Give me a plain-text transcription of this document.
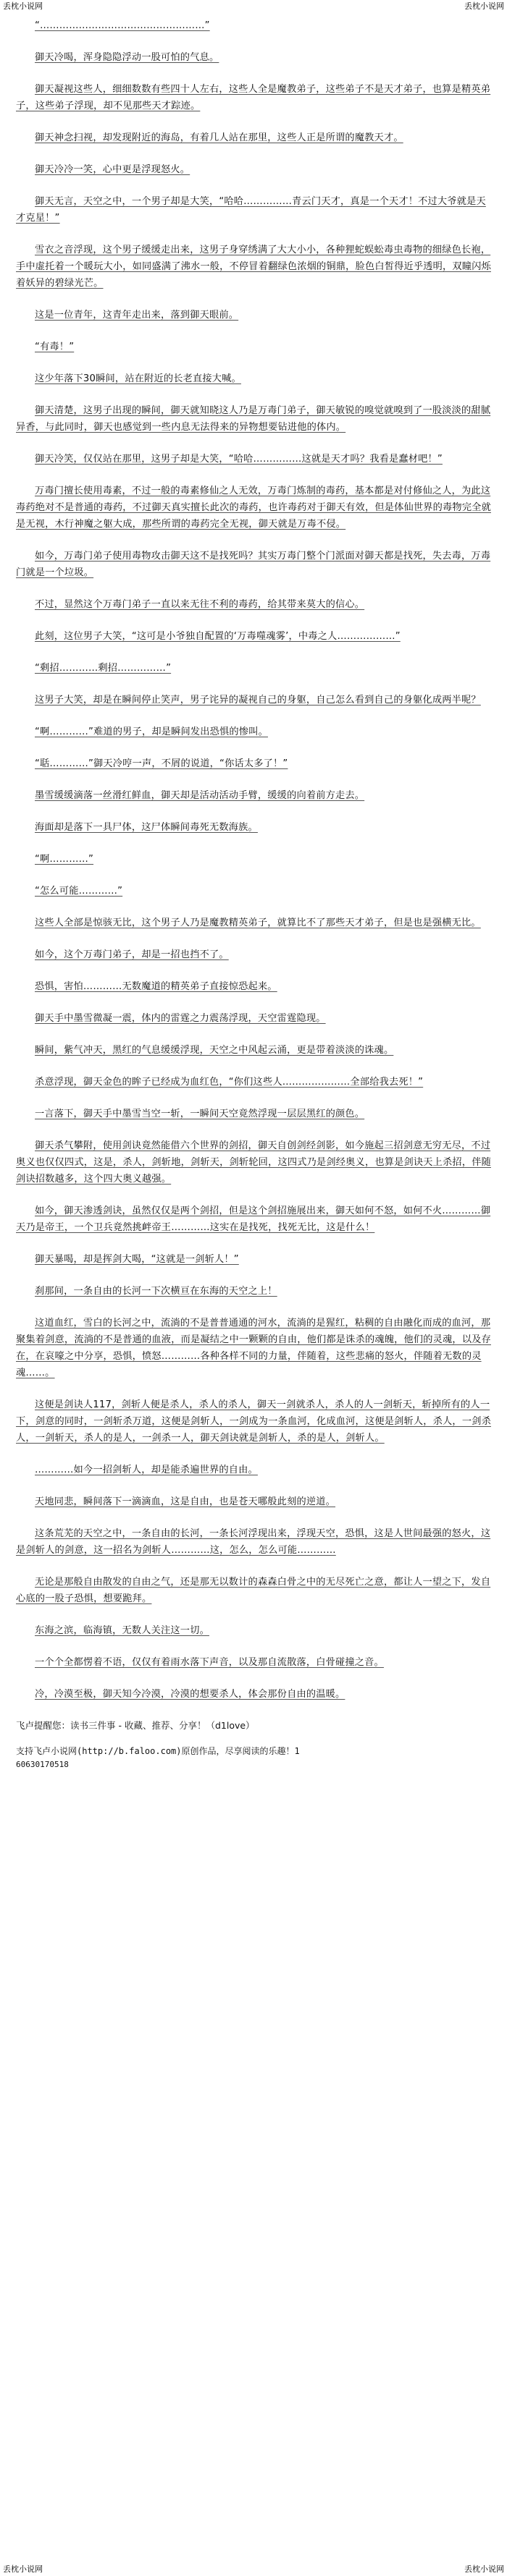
丢枕小说网	丢枕小说网

“……………………………………………”

御天冷喝，浑身隐隐浮动一股可怕的气息。

御天凝视这些人，细细数数有些四十人左右，这些人全是魔教弟子，这些弟子不是天才弟子，也算是精英弟子，这些弟子浮现，却不见那些天才踪迹。

御天神念扫视，却发现附近的海岛，有着几人站在那里，这些人正是所谓的魔教天才。

御天冷冷一笑，心中更是浮现怒火。

御天无言，天空之中，一个男子却是大笑，“哈哈……………青云门天才，真是一个天才！不过大爷就是天才克星！”

雪衣之音浮现，这个男子缓缓走出来，这男子身穿绣满了大大小小，各种狸蛇蜈蚣毒虫毒物的细绿色长袍，手中虚托着一个暖玩大小，如同盛满了沸水一般，不停冒着翻绿色浓烟的铜鼎，脸色白皙得近乎透明，双瞳闪烁着妖异的碧绿光芒。

这是一位青年，这青年走出来，落到御天眼前。

“有毒！”

这少年落下30瞬间，站在附近的长老直接大喊。

御天清楚，这男子出现的瞬间，御天就知晓这人乃是万毒门弟子，御天敏锐的嗅觉就嗅到了一股淡淡的甜腻异香，与此同时，御天也感觉到一些内息无法得来的异物想要钻进他的体内。

御天冷笑，仅仅站在那里，这男子却是大笑，“哈哈……………这就是天才吗？我看是蠢材吧！”

万毒门擅长使用毒素，不过一般的毒素修仙之人无效，万毒门炼制的毒药，基本都是对付修仙之人，为此这毒药绝对不是普通的毒药，不过御天真实擅长此次的毒药，也许毒药对于御天有效，但是体仙世界的毒物完全就是无视，木行神魔之躯大成，那些所谓的毒药完全无视，御天就是万毒不侵。

如今，万毒门弟子使用毒物攻击御天这不是找死吗？其实万毒门整个门派面对御天都是找死，失去毒，万毒门就是一个垃圾。

不过，显然这个万毒门弟子一直以来无往不利的毒药，给其带来莫大的信心。

此刻，这位男子大笑，“这可是小爷独自配置的‘万毒噬魂雾’，中毒之人………………”

“剩招…………剩招……………”

这男子大笑，却是在瞬间停止笑声，男子诧异的凝视自己的身躯，自己怎么看到自己的身躯化成两半呢？

“啊…………”难道的男子，却是瞬间发出恐惧的惨叫。

“聒…………”御天冷哼一声，不屑的说道，“你话太多了！”

墨雪缓缓滴落一丝滑红鲜血，御天却是活动活动手臂，缓缓的向着前方走去。

海面却是落下一具尸体，这尸体瞬间毒死无数海族。

“啊…………”

“怎么可能…………”

这些人全部是惊骇无比，这个男子人乃是魔教精英弟子，就算比不了那些天才弟子，但是也是强横无比。

如今，这个万毒门弟子，却是一招也挡不了。

恐惧，害怕…………无数魔道的精英弟子直接惊恐起来。

御天手中墨雪微凝一震，体内的雷霆之力震荡浮现，天空雷霆隐现。

瞬间，紫气冲天，黑红的气息缓缓浮现，天空之中风起云涌，更是带着淡淡的诛魂。

杀意浮现，御天金色的眸子已经成为血红色，“你们这些人…………………全部给我去死！”

一言落下，御天手中墨雪当空一斩，一瞬间天空竟然浮现一层层黑红的颜色。

御天杀气攀附，使用剑诀竟然能借六个世界的剑招，御天自创剑经剑影，如今施起三招剑意无穷无尽，不过奥义也仅仅四式，这是，杀人，剑斩地，剑斩天，剑斩轮回，这四式乃是剑经奥义，也算是剑诀天上杀招，伴随剑诀招数越多，这个四大奥义越强。

如今，御天渗透剑诀，虽然仅仅是两个剑招，但是这个剑招施展出来，御天如何不怒，如何不火…………御天乃是帝王，一个卫兵竟然挑衅帝王…………这实在是找死，找死无比，这是什么！

御天暴喝，却是挥剑大喝，“这就是一剑斩人！”

刹那间，一条自由的长河一下次横亘在东海的天空之上！

这道血红，雪白的长河之中，流淌的不是普普通通的河水，流淌的是猩红，粘稠的自由融化而成的血河，那聚集着剑意，流淌的不是普通的血液，而是凝结之中一颗颗的自由，他们都是诛杀的魂魄，他们的灵魂，以及存在，在哀嚎之中分享，恐惧，愤怒…………各种各样不同的力量，伴随着，这些悲痛的怒火，伴随着无数的灵魂……。

这便是剑诀人117，剑斩人便是杀人，杀人的杀人，御天一剑就杀人，杀人的人一剑斩天，斩掉所有的人一下，剑意的同时，一剑斩杀万道，这便是剑斩人，一剑成为一条血河，化成血河，这便是剑斩人，杀人，一剑杀人，一剑斩天，杀人的是人，一剑杀一人，御天剑诀就是剑斩人，杀的是人，剑斩人。

…………如今一招剑斩人，却是能杀遍世界的自由。

天地同悲，瞬间落下一滴滴血，这是自由，也是苍天哪般此刻的逆道。

这条荒芜的天空之中，一条自由的长河，一条长河浮现出来，浮现天空，恐惧，这是人世间最强的怒火，这是剑斩人的剑意，这一招名为剑斩人…………这，怎么，怎么可能…………

无论是那般自由散发的自由之气，还是那无以数计的森森白骨之中的无尽死亡之意，都让人一望之下，发自心底的一股子恐惧，想要跪拜。

东海之滨，临海镇，无数人关注这一切。

一个个全都愣着不语，仅仅有着雨水落下声音，以及那自流散落，白骨碰撞之音。

冷，冷漠至极，御天知今冷漠，冷漠的想要杀人，体会那份自由的温暖。

飞卢提醒您：读书三件事 - 收藏、推荐、分享！（d1love）

支持飞卢小说网(http://b.faloo.com)原创作品，尽享阅读的乐趣！1
60630170518
丢枕小说网	丢枕小说网
